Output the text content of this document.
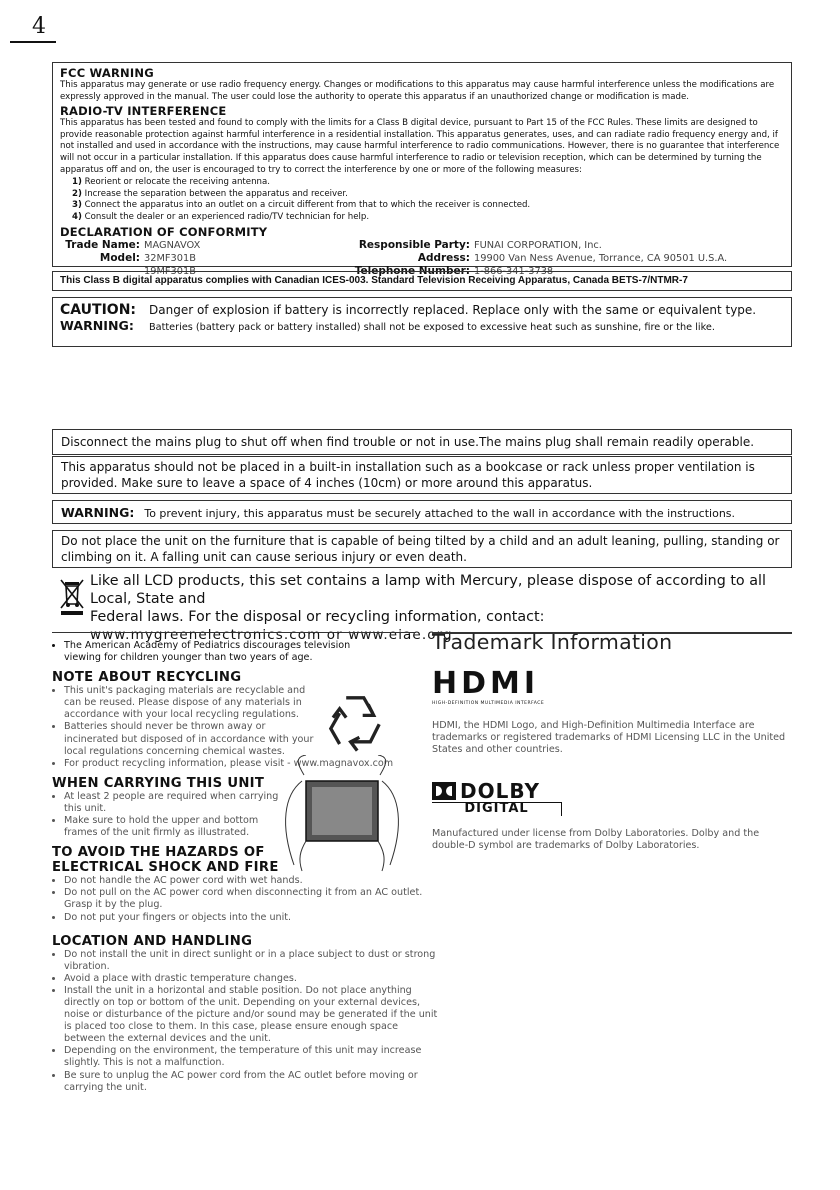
4
FCC WARNING

This apparatus may generate or use radio frequency energy. Changes or modifications to this apparatus may cause harmful interference unless the modifications are expressly approved in the manual. The user could lose the authority to operate this apparatus if an unauthorized change or modification is made.

RADIO-TV INTERFERENCE

This apparatus has been tested and found to comply with the limits for a Class B digital device, pursuant to Part 15 of the FCC Rules. These limits are designed to provide reasonable protection against harmful interference in a residential installation. This apparatus generates, uses, and can radiate radio frequency energy and, if not installed and used in accordance with the instructions, may cause harmful interference to radio communications. However, there is no guarantee that interference will not occur in a particular installation. If this apparatus does cause harmful interference to radio or television reception, which can be determined by turning the apparatus off and on, the user is encouraged to try to correct the interference by one or more of the following measures:

1) Reorient or relocate the receiving antenna.
2) Increase the separation between the apparatus and receiver.
3) Connect the apparatus into an outlet on a circuit different from that to which the receiver is connected.
4) Consult the dealer or an experienced radio/TV technician for help.
DECLARATION OF CONFORMITY
Trade Name: MAGNAVOX	Responsible Party: FUNAI CORPORATION, Inc.
Model: 32MF301B	Address: 19900 Van Ness Avenue, Torrance, CA 90501 U.S.A.
19MF301B	Telephone Number: 1-866-341-3738
This Class B digital apparatus complies with Canadian ICES-003. Standard Television Receiving Apparatus, Canada BETS-7/NTMR-7
CAUTION:	Danger of explosion if battery is incorrectly replaced. Replace only with the same or equivalent type.
WARNING:	Batteries (battery pack or battery installed) shall not be exposed to excessive heat such as sunshine, fire or the like.
Disconnect the mains plug to shut off when find trouble or not in use.The mains plug shall remain readily operable.
This apparatus should not be placed in a built-in installation such as a bookcase or rack unless proper ventilation is provided. Make sure to leave a space of 4 inches (10cm) or more around this apparatus.
WARNING: To prevent injury, this apparatus must be securely attached to the wall in accordance with the instructions.
Do not place the unit on the furniture that is capable of being tilted by a child and an adult leaning, pulling, standing or climbing on it. A falling unit can cause serious injury or even death.
Like all LCD products, this set contains a lamp with Mercury, please dispose of according to all Local, State and
Federal laws. For the disposal or recycling information, contact:
www.mygreenelectronics.com or www.eiae.org
• The American Academy of Pediatrics discourages television viewing for children younger than two years of age.
NOTE ABOUT RECYCLING
• This unit's packaging materials are recyclable and can be reused. Please dispose of any materials in accordance with your local recycling regulations.
• Batteries should never be thrown away or incinerated but disposed of in accordance with your local regulations concerning chemical wastes.
• For product recycling information, please visit - www.magnavox.com
WHEN CARRYING THIS UNIT
• At least 2 people are required when carrying this unit.
• Make sure to hold the upper and bottom frames of the unit firmly as illustrated.
TO AVOID THE HAZARDS OF
ELECTRICAL SHOCK AND FIRE
• Do not handle the AC power cord with wet hands.
• Do not pull on the AC power cord when disconnecting it from an AC outlet. Grasp it by the plug.
• Do not put your fingers or objects into the unit.
LOCATION AND HANDLING
• Do not install the unit in direct sunlight or in a place subject to dust or strong vibration.
• Avoid a place with drastic temperature changes.
• Install the unit in a horizontal and stable position. Do not place anything directly on top or bottom of the unit. Depending on your external devices, noise or disturbance of the picture and/or sound may be generated if the unit is placed too close to them. In this case, please ensure enough space between the external devices and the unit.
• Depending on the environment, the temperature of this unit may increase slightly. This is not a malfunction.
• Be sure to unplug the AC power cord from the AC outlet before moving or carrying the unit.
Trademark Information
HDMI
HIGH-DEFINITION MULTIMEDIA INTERFACE

HDMI, the HDMI Logo, and High-Definition Multimedia Interface are trademarks or registered trademarks of HDMI Licensing LLC in the United States and other countries.

DOLBY
DIGITAL

Manufactured under license from Dolby Laboratories. Dolby and the double-D symbol are trademarks of Dolby Laboratories.
